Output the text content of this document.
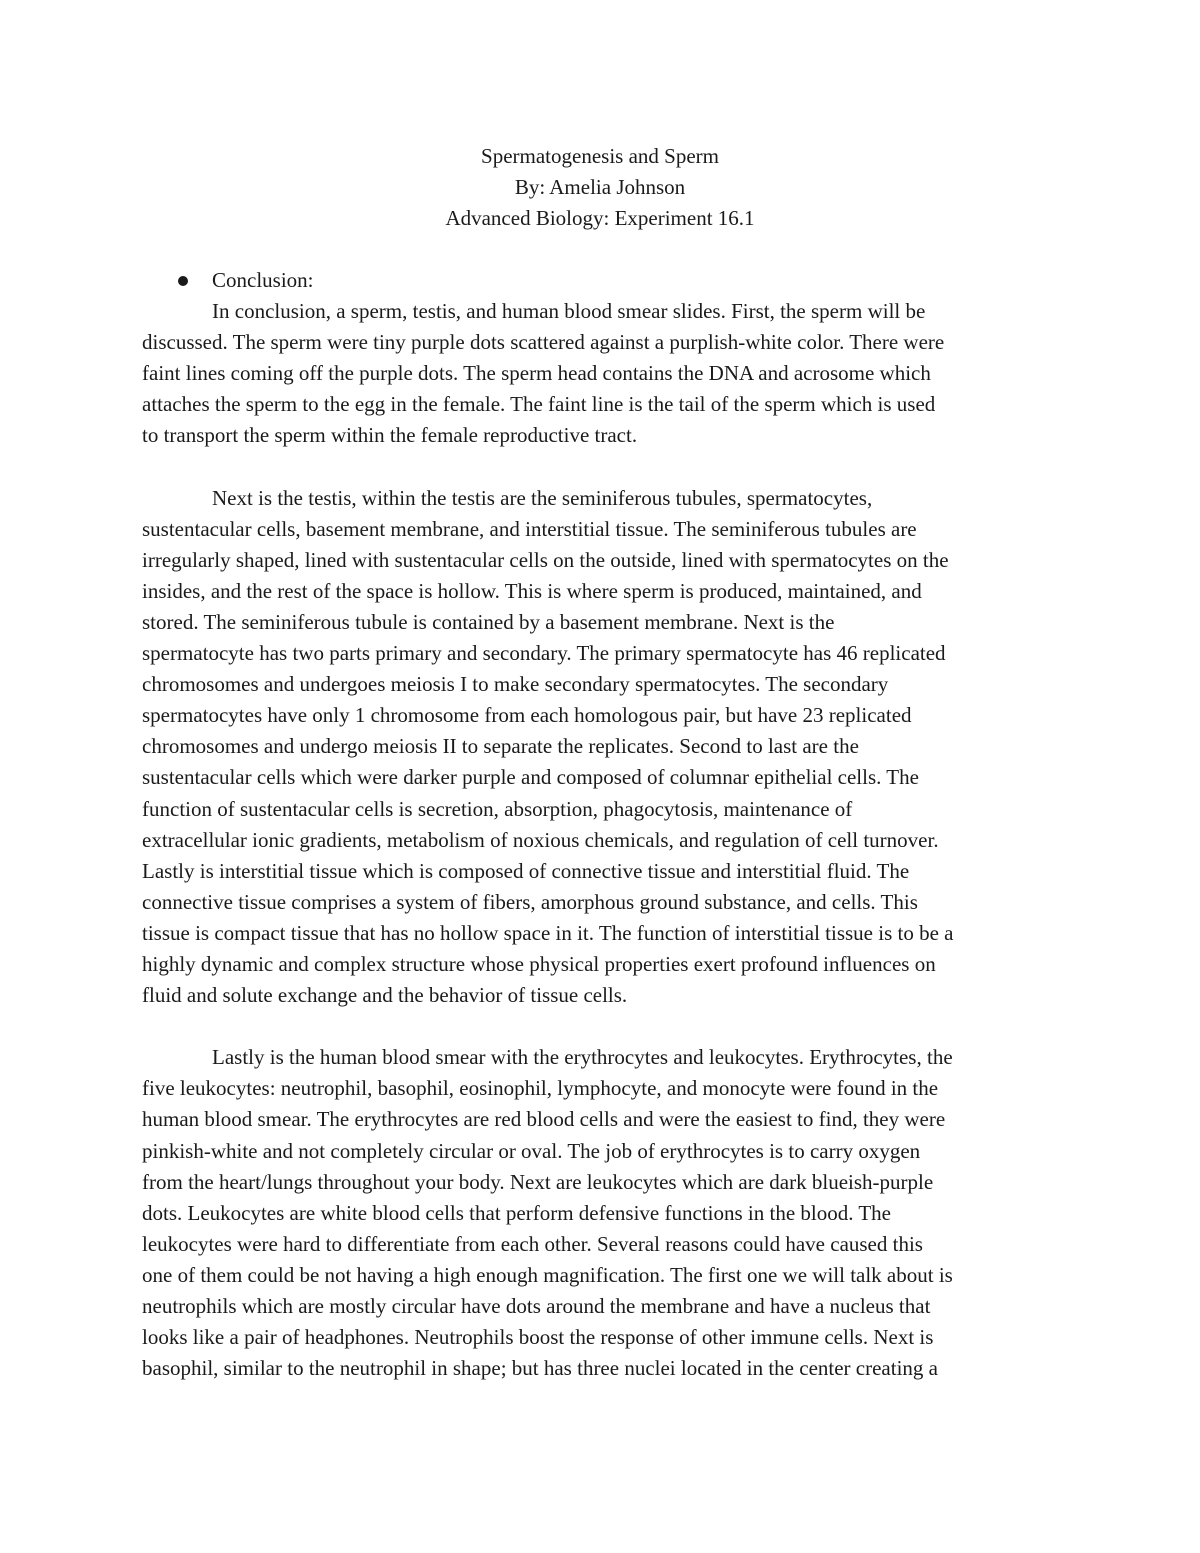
Spermatogenesis and Sperm
By: Amelia Johnson
Advanced Biology: Experiment 16.1
Conclusion:
In conclusion, a sperm, testis, and human blood smear slides. First, the sperm will be
discussed. The sperm were tiny purple dots scattered against a purplish-white color. There were
faint lines coming off the purple dots. The sperm head contains the DNA and acrosome which
attaches the sperm to the egg in the female. The faint line is the tail of the sperm which is used
to transport the sperm within the female reproductive tract.
Next is the testis, within the testis are the seminiferous tubules, spermatocytes,
sustentacular cells, basement membrane, and interstitial tissue. The seminiferous tubules are
irregularly shaped, lined with sustentacular cells on the outside, lined with spermatocytes on the
insides, and the rest of the space is hollow. This is where sperm is produced, maintained, and
stored. The seminiferous tubule is contained by a basement membrane. Next is the
spermatocyte has two parts primary and secondary. The primary spermatocyte has 46 replicated
chromosomes and undergoes meiosis I to make secondary spermatocytes. The secondary
spermatocytes have only 1 chromosome from each homologous pair, but have 23 replicated
chromosomes and undergo meiosis II to separate the replicates. Second to last are the
sustentacular cells which were darker purple and composed of columnar epithelial cells. The
function of sustentacular cells is secretion, absorption, phagocytosis, maintenance of
extracellular ionic gradients, metabolism of noxious chemicals, and regulation of cell turnover.
Lastly is interstitial tissue which is composed of connective tissue and interstitial fluid. The
connective tissue comprises a system of fibers, amorphous ground substance, and cells. This
tissue is compact tissue that has no hollow space in it. The function of interstitial tissue is to be a
highly dynamic and complex structure whose physical properties exert profound influences on
fluid and solute exchange and the behavior of tissue cells.
Lastly is the human blood smear with the erythrocytes and leukocytes. Erythrocytes, the
five leukocytes: neutrophil, basophil, eosinophil, lymphocyte, and monocyte were found in the
human blood smear. The erythrocytes are red blood cells and were the easiest to find, they were
pinkish-white and not completely circular or oval. The job of erythrocytes is to carry oxygen
from the heart/lungs throughout your body. Next are leukocytes which are dark blueish-purple
dots. Leukocytes are white blood cells that perform defensive functions in the blood. The
leukocytes were hard to differentiate from each other. Several reasons could have caused this
one of them could be not having a high enough magnification. The first one we will talk about is
neutrophils which are mostly circular have dots around the membrane and have a nucleus that
looks like a pair of headphones. Neutrophils boost the response of other immune cells. Next is
basophil, similar to the neutrophil in shape; but has three nuclei located in the center creating a
